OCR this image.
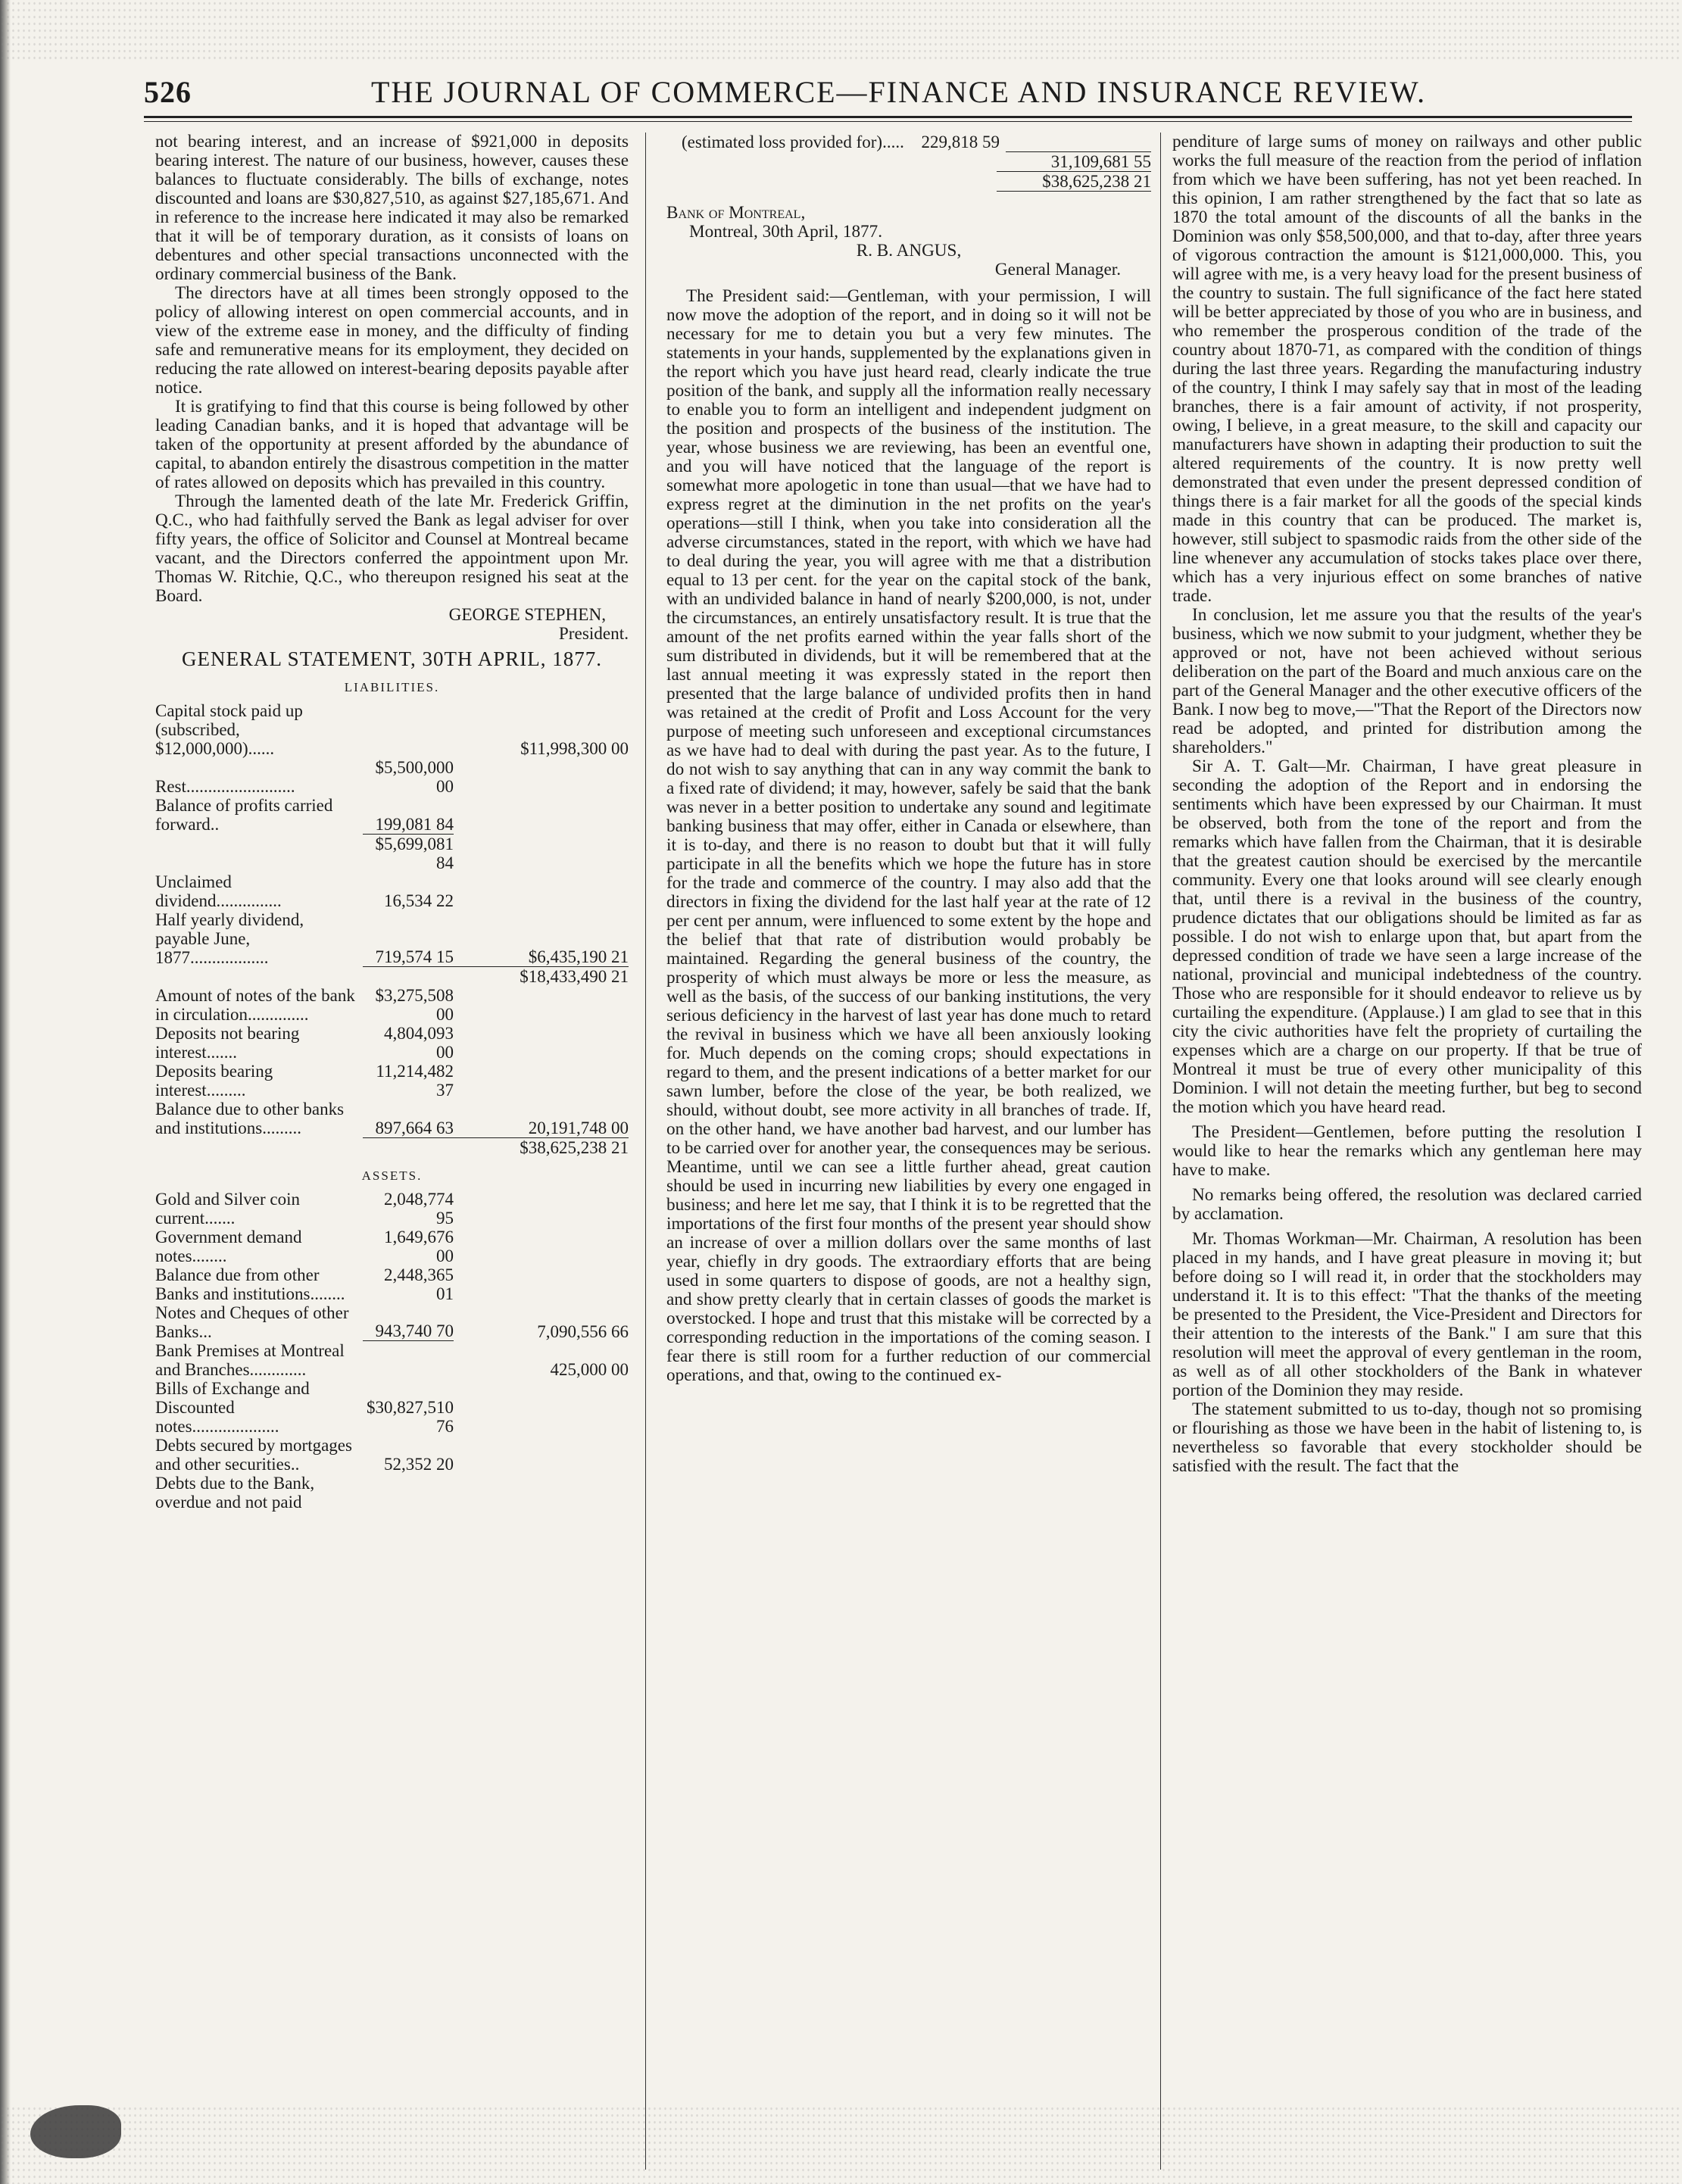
526	THE JOURNAL OF COMMERCE—FINANCE AND INSURANCE REVIEW.

not bearing interest, and an increase of $921,000 in deposits bearing interest. The nature of our business, however, causes these balances to fluctuate considerably. The bills of exchange, notes discounted and loans are $30,827,510, as against $27,185,671. And in reference to the increase here indicated it may also be remarked that it will be of temporary duration, as it consists of loans on debentures and other special transactions unconnected with the ordinary commercial business of the Bank.

The directors have at all times been strongly opposed to the policy of allowing interest on open commercial accounts, and in view of the extreme ease in money, and the difficulty of finding safe and remunerative means for its employment, they decided on reducing the rate allowed on interest-bearing deposits payable after notice.

It is gratifying to find that this course is being followed by other leading Canadian banks, and it is hoped that advantage will be taken of the opportunity at present afforded by the abundance of capital, to abandon entirely the disastrous competition in the matter of rates allowed on deposits which has prevailed in this country.

Through the lamented death of the late Mr. Frederick Griffin, Q.C., who had faithfully served the Bank as legal adviser for over fifty years, the office of Solicitor and Counsel at Montreal became vacant, and the Directors conferred the appointment upon Mr. Thomas W. Ritchie, Q.C., who thereupon resigned his seat at the Board.

GEORGE STEPHEN,
President.
GENERAL STATEMENT, 30TH APRIL, 1877.
LIABILITIES.
Capital stock paid up (subscribed, $12,000,000)......		$11,998,300 00
Rest.........................	$5,500,000 00	
Balance of profits carried forward..	199,081 84	
	$5,699,081 84	
Unclaimed dividend...............	16,534 22	
Half yearly dividend, payable June, 1877..................	719,574 15	$6,435,190 21
		$18,433,490 21
Amount of notes of the bank in circulation..............	$3,275,508 00	
Deposits not bearing interest.......	4,804,093 00	
Deposits bearing interest.........	11,214,482 37	
Balance due to other banks and institutions.........	897,664 63	20,191,748 00
		$38,625,238 21
ASSETS.
Gold and Silver coin current.......	2,048,774 95	
Government demand notes........	1,649,676 00	
Balance due from other Banks and institutions........	2,448,365 01	
Notes and Cheques of other Banks...	943,740 70	7,090,556 66
Bank Premises at Montreal and Branches.............		425,000 00
Bills of Exchange and Discounted notes....................	$30,827,510 76	
Debts secured by mortgages and other securities..	52,352 20	
Debts due to the Bank, overdue and not paid		
(estimated loss provided for)..... 229,818 59
31,109,681 55
$38,625,238 21
Bank of Montreal,
Montreal, 30th April, 1877.
R. B. ANGUS,
General Manager.

The President said:—Gentleman, with your permission, I will now move the adoption of the report, and in doing so it will not be necessary for me to detain you but a very few minutes. The statements in your hands, supplemented by the explanations given in the report which you have just heard read, clearly indicate the true position of the bank, and supply all the information really necessary to enable you to form an intelligent and independent judgment on the position and prospects of the business of the institution. The year, whose business we are reviewing, has been an eventful one, and you will have noticed that the language of the report is somewhat more apologetic in tone than usual—that we have had to express regret at the diminution in the net profits on the year's operations—still I think, when you take into consideration all the adverse circumstances, stated in the report, with which we have had to deal during the year, you will agree with me that a distribution equal to 13 per cent. for the year on the capital stock of the bank, with an undivided balance in hand of nearly $200,000, is not, under the circumstances, an entirely unsatisfactory result. It is true that the amount of the net profits earned within the year falls short of the sum distributed in dividends, but it will be remembered that at the last annual meeting it was expressly stated in the report then presented that the large balance of undivided profits then in hand was retained at the credit of Profit and Loss Account for the very purpose of meeting such unforeseen and exceptional circumstances as we have had to deal with during the past year. As to the future, I do not wish to say anything that can in any way commit the bank to a fixed rate of dividend; it may, however, safely be said that the bank was never in a better position to undertake any sound and legitimate banking business that may offer, either in Canada or elsewhere, than it is to-day, and there is no reason to doubt but that it will fully participate in all the benefits which we hope the future has in store for the trade and commerce of the country. I may also add that the directors in fixing the dividend for the last half year at the rate of 12 per cent per annum, were influenced to some extent by the hope and the belief that that rate of distribution would probably be maintained. Regarding the general business of the country, the prosperity of which must always be more or less the measure, as well as the basis, of the success of our banking institutions, the very serious deficiency in the harvest of last year has done much to retard the revival in business which we have all been anxiously looking for. Much depends on the coming crops; should expectations in regard to them, and the present indications of a better market for our sawn lumber, before the close of the year, be both realized, we should, without doubt, see more activity in all branches of trade. If, on the other hand, we have another bad harvest, and our lumber has to be carried over for another year, the consequences may be serious. Meantime, until we can see a little further ahead, great caution should be used in incurring new liabilities by every one engaged in business; and here let me say, that I think it is to be regretted that the importations of the first four months of the present year should show an increase of over a million dollars over the same months of last year, chiefly in dry goods. The extraordiary efforts that are being used in some quarters to dispose of goods, are not a healthy sign, and show pretty clearly that in certain classes of goods the market is overstocked. I hope and trust that this mistake will be corrected by a corresponding reduction in the importations of the coming season. I fear there is still room for a further reduction of our commercial operations, and that, owing to the continued ex-

penditure of large sums of money on railways and other public works the full measure of the reaction from the period of inflation from which we have been suffering, has not yet been reached. In this opinion, I am rather strengthened by the fact that so late as 1870 the total amount of the discounts of all the banks in the Dominion was only $58,500,000, and that to-day, after three years of vigorous contraction the amount is $121,000,000. This, you will agree with me, is a very heavy load for the present business of the country to sustain. The full significance of the fact here stated will be better appreciated by those of you who are in business, and who remember the prosperous condition of the trade of the country about 1870-71, as compared with the condition of things during the last three years. Regarding the manufacturing industry of the country, I think I may safely say that in most of the leading branches, there is a fair amount of activity, if not prosperity, owing, I believe, in a great measure, to the skill and capacity our manufacturers have shown in adapting their production to suit the altered requirements of the country. It is now pretty well demonstrated that even under the present depressed condition of things there is a fair market for all the goods of the special kinds made in this country that can be produced. The market is, however, still subject to spasmodic raids from the other side of the line whenever any accumulation of stocks takes place over there, which has a very injurious effect on some branches of native trade.

In conclusion, let me assure you that the results of the year's business, which we now submit to your judgment, whether they be approved or not, have not been achieved without serious deliberation on the part of the Board and much anxious care on the part of the General Manager and the other executive officers of the Bank. I now beg to move,—"That the Report of the Directors now read be adopted, and printed for distribution among the shareholders."

Sir A. T. Galt—Mr. Chairman, I have great pleasure in seconding the adoption of the Report and in endorsing the sentiments which have been expressed by our Chairman. It must be observed, both from the tone of the report and from the remarks which have fallen from the Chairman, that it is desirable that the greatest caution should be exercised by the mercantile community. Every one that looks around will see clearly enough that, until there is a revival in the business of the country, prudence dictates that our obligations should be limited as far as possible. I do not wish to enlarge upon that, but apart from the depressed condition of trade we have seen a large increase of the national, provincial and municipal indebtedness of the country. Those who are responsible for it should endeavor to relieve us by curtailing the expenditure. (Applause.) I am glad to see that in this city the civic authorities have felt the propriety of curtailing the expenses which are a charge on our property. If that be true of Montreal it must be true of every other municipality of this Dominion. I will not detain the meeting further, but beg to second the motion which you have heard read.

The President—Gentlemen, before putting the resolution I would like to hear the remarks which any gentleman here may have to make.

No remarks being offered, the resolution was declared carried by acclamation.

Mr. Thomas Workman—Mr. Chairman, A resolution has been placed in my hands, and I have great pleasure in moving it; but before doing so I will read it, in order that the stockholders may understand it. It is to this effect: "That the thanks of the meeting be presented to the President, the Vice-President and Directors for their attention to the interests of the Bank." I am sure that this resolution will meet the approval of every gentleman in the room, as well as of all other stockholders of the Bank in whatever portion of the Dominion they may reside.

The statement submitted to us to-day, though not so promising or flourishing as those we have been in the habit of listening to, is nevertheless so favorable that every stockholder should be satisfied with the result. The fact that the
